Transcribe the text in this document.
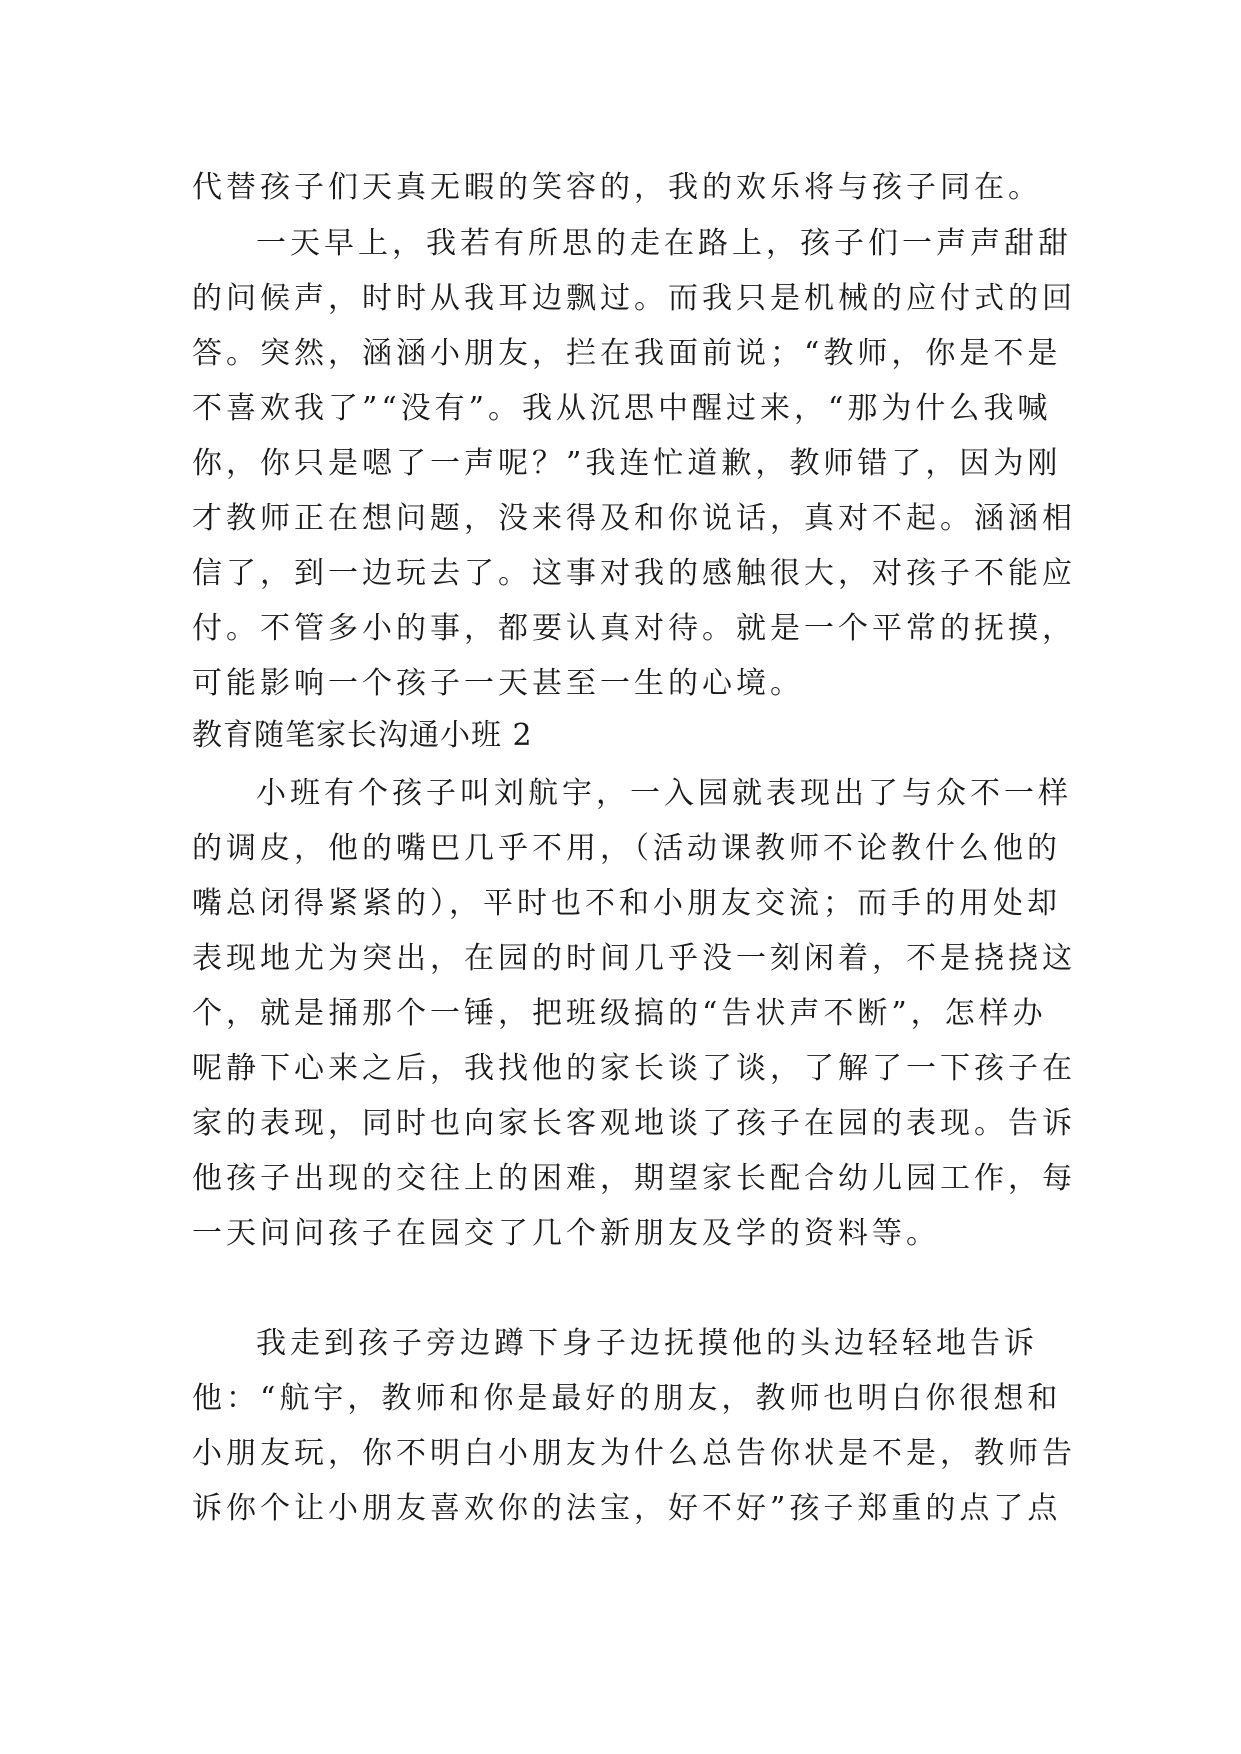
代替孩子们天真无暇的笑容的，我的欢乐将与孩子同在。
一天早上，我若有所思的走在路上，孩子们一声声甜甜
的问候声，时时从我耳边飘过。而我只是机械的应付式的回
答。突然，涵涵小朋友，拦在我面前说；“教师，你是不是
不喜欢我了”“没有”。我从沉思中醒过来，“那为什么我喊
你，你只是嗯了一声呢？”我连忙道歉，教师错了，因为刚
才教师正在想问题，没来得及和你说话，真对不起。涵涵相
信了，到一边玩去了。这事对我的感触很大，对孩子不能应
付。不管多小的事，都要认真对待。就是一个平常的抚摸，
可能影响一个孩子一天甚至一生的心境。
教育随笔家长沟通小班 2
小班有个孩子叫刘航宇，一入园就表现出了与众不一样
的调皮，他的嘴巴几乎不用，（活动课教师不论教什么他的
嘴总闭得紧紧的），平时也不和小朋友交流；而手的用处却
表现地尤为突出，在园的时间几乎没一刻闲着，不是挠挠这
个，就是捅那个一锤，把班级搞的“告状声不断”，怎样办
呢静下心来之后，我找他的家长谈了谈，了解了一下孩子在
家的表现，同时也向家长客观地谈了孩子在园的表现。告诉
他孩子出现的交往上的困难，期望家长配合幼儿园工作，每
一天问问孩子在园交了几个新朋友及学的资料等。
我走到孩子旁边蹲下身子边抚摸他的头边轻轻地告诉
他：“航宇，教师和你是最好的朋友，教师也明白你很想和
小朋友玩，你不明白小朋友为什么总告你状是不是，教师告
诉你个让小朋友喜欢你的法宝，好不好”孩子郑重的点了点
